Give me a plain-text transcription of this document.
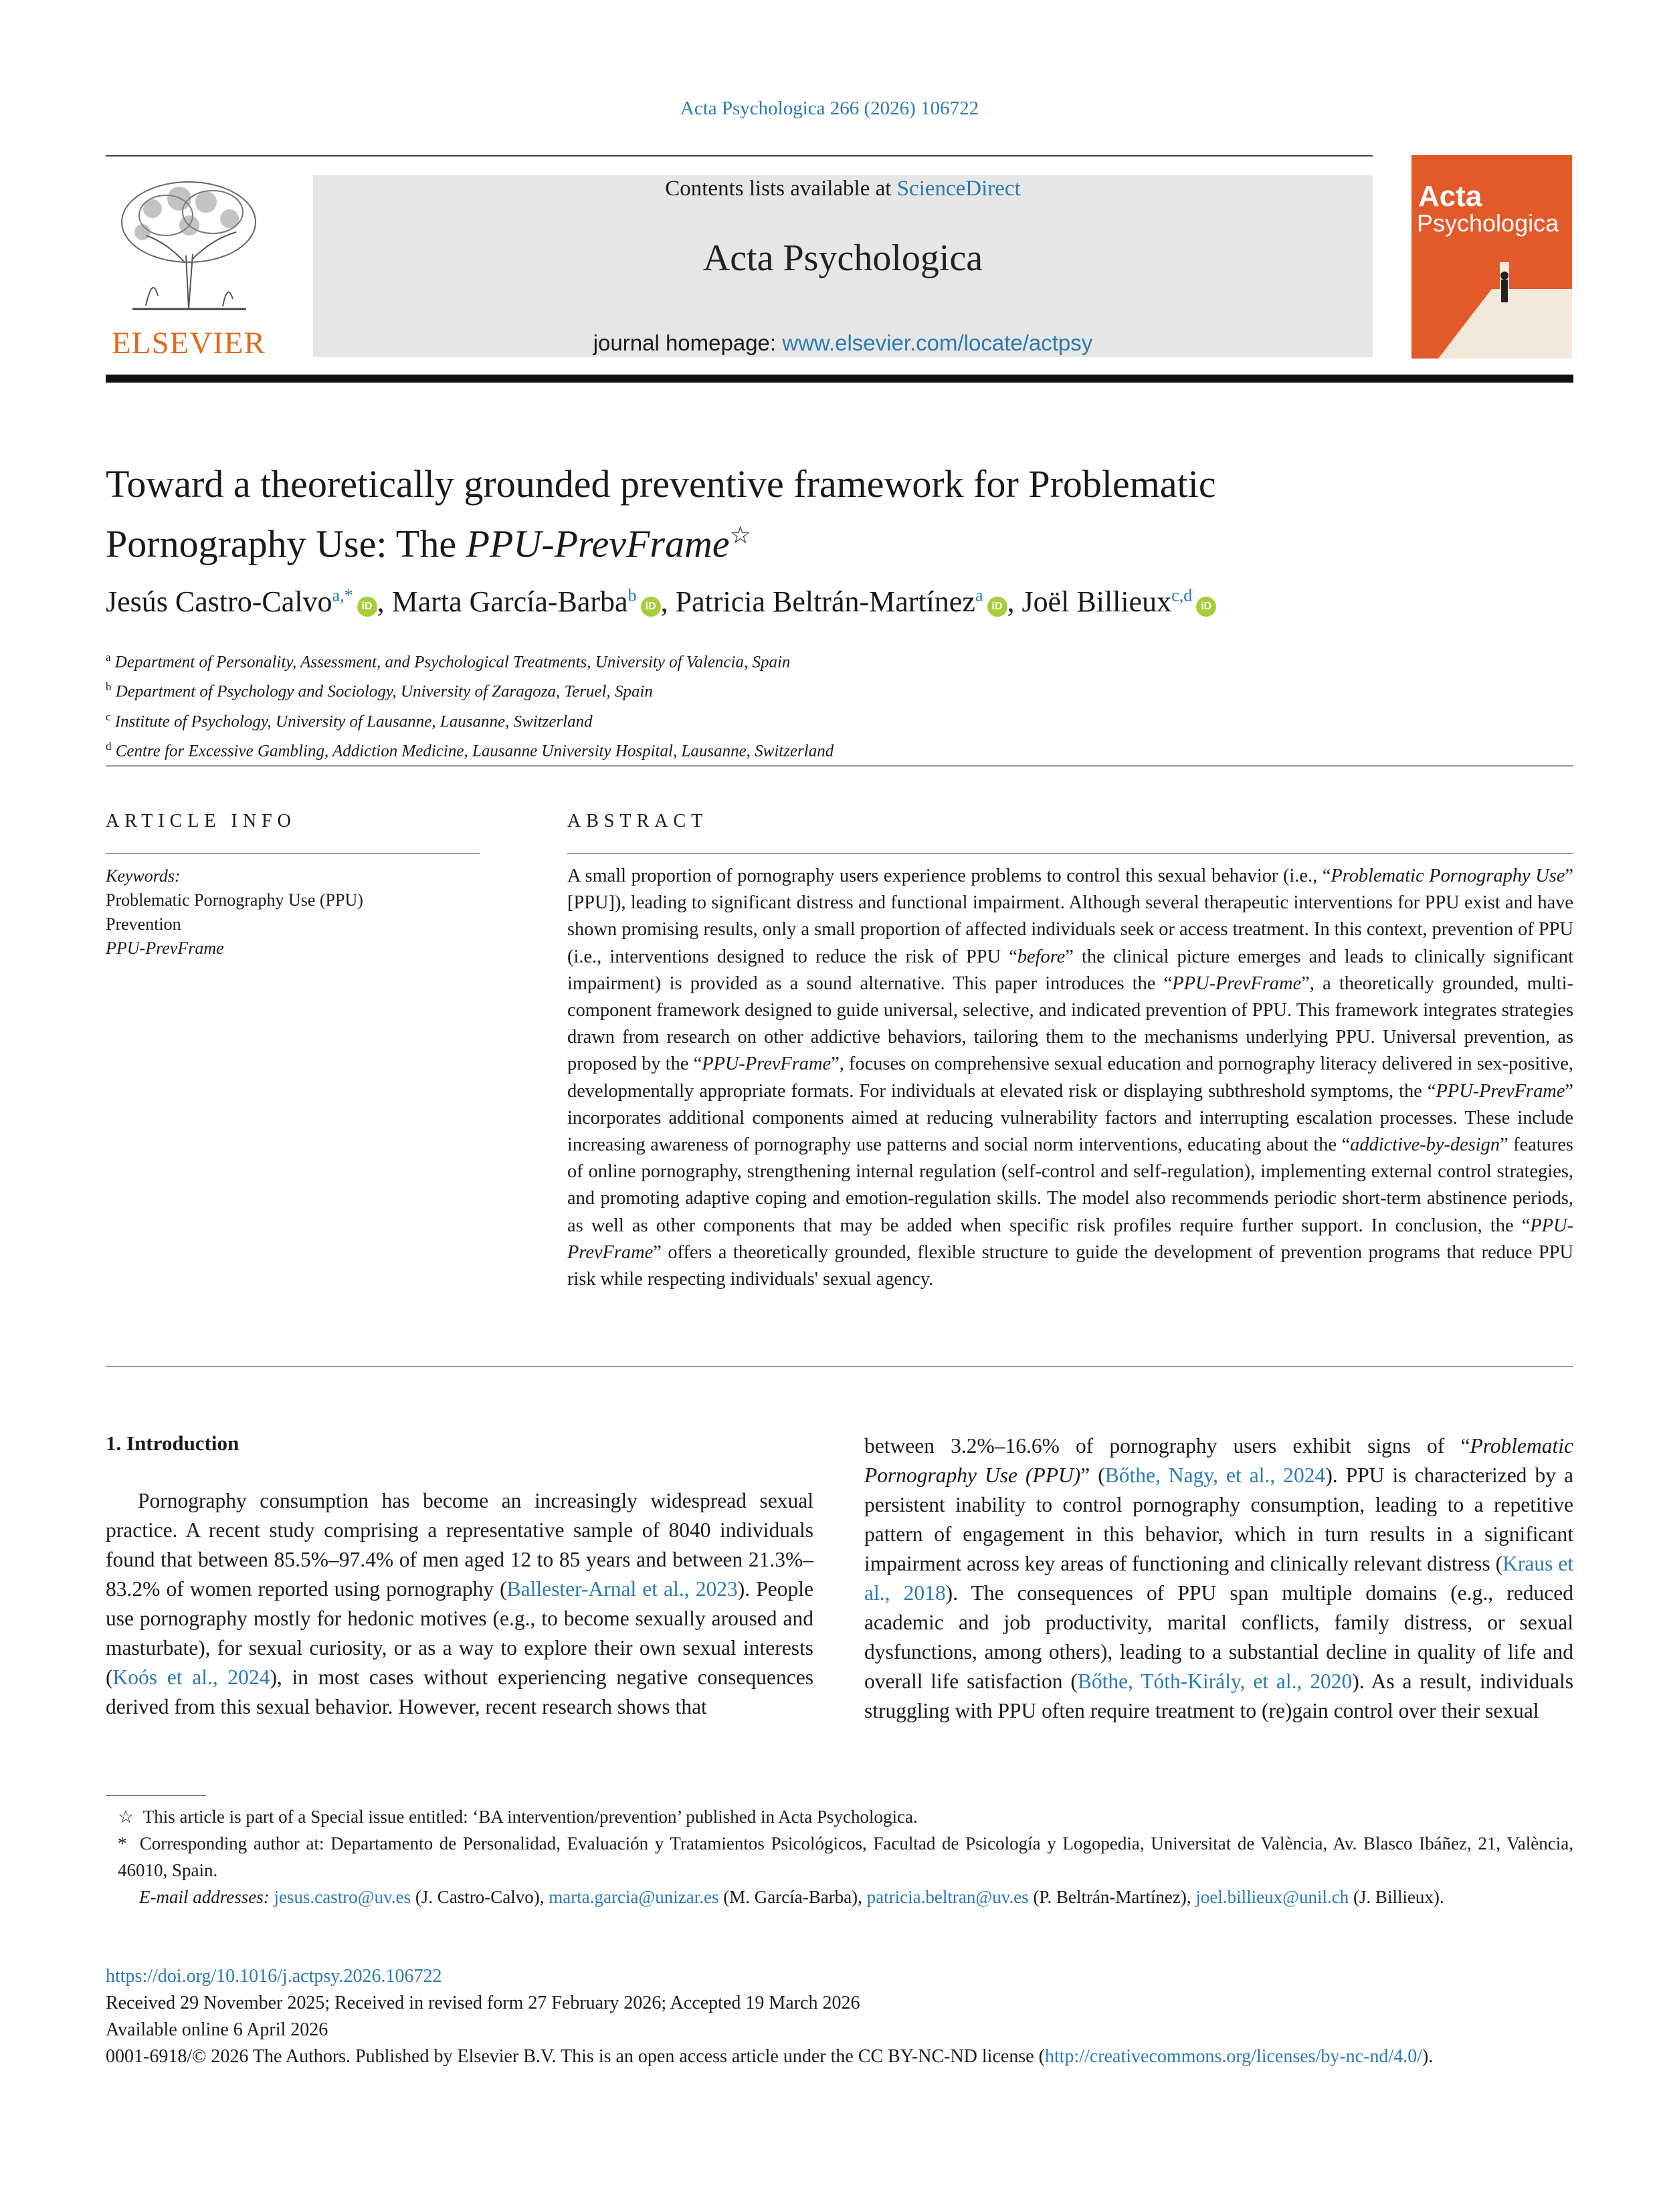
Acta Psychologica 266 (2026) 106722
ELSEVIER
Contents lists available at ScienceDirect
Acta Psychologica
journal homepage: www.elsevier.com/locate/actpsy
Acta
Psychologica
Toward a theoretically grounded preventive framework for Problematic
Pornography Use: The PPU-PrevFrame☆
Jesús Castro-Calvo$^{a,*}$iD , Marta García-Barba$^b$iD , Patricia Beltrán-Martínez$^a$iD , Joël Billieux$^{c,d}$iD
$^a$ Department of Personality, Assessment, and Psychological Treatments, University of Valencia, Spain
$^b$ Department of Psychology and Sociology, University of Zaragoza, Teruel, Spain
$^c$ Institute of Psychology, University of Lausanne, Lausanne, Switzerland
$^d$ Centre for Excessive Gambling, Addiction Medicine, Lausanne University Hospital, Lausanne, Switzerland
ARTICLE INFO
Keywords:
Problematic Pornography Use (PPU)
Prevention
PPU-PrevFrame
ABSTRACT
A small proportion of pornography users experience problems to control this sexual behavior (i.e., “Problematic Pornography Use” [PPU]), leading to significant distress and functional impairment. Although several therapeutic interventions for PPU exist and have shown promising results, only a small proportion of affected individuals seek or access treatment. In this context, prevention of PPU (i.e., interventions designed to reduce the risk of PPU “before” the clinical picture emerges and leads to clinically significant impairment) is provided as a sound alternative. This paper introduces the “PPU-PrevFrame”, a theoretically grounded, multi-component framework designed to guide universal, selective, and indicated prevention of PPU. This framework integrates strategies drawn from research on other addictive behaviors, tailoring them to the mechanisms underlying PPU. Universal prevention, as proposed by the “PPU-PrevFrame”, focuses on comprehensive sexual education and pornography literacy delivered in sex-positive, developmentally appropriate formats. For individuals at elevated risk or displaying subthreshold symptoms, the “PPU-PrevFrame” incorporates additional components aimed at reducing vulnerability factors and interrupting escalation processes. These include increasing awareness of pornography use patterns and social norm interventions, educating about the “addictive-by-design” features of online pornography, strengthening internal regulation (self-control and self-regulation), implementing external control strategies, and promoting adaptive coping and emotion-regulation skills. The model also recommends periodic short-term abstinence periods, as well as other components that may be added when specific risk profiles require further support. In conclusion, the “PPU-PrevFrame” offers a theoretically grounded, flexible structure to guide the development of prevention programs that reduce PPU risk while respecting individuals' sexual agency.
1. Introduction
Pornography consumption has become an increasingly widespread sexual practice. A recent study comprising a representative sample of 8040 individuals found that between 85.5%–97.4% of men aged 12 to 85 years and between 21.3%–83.2% of women reported using pornography (Ballester-Arnal et al., 2023). People use pornography mostly for hedonic motives (e.g., to become sexually aroused and masturbate), for sexual curiosity, or as a way to explore their own sexual interests (Koós et al., 2024), in most cases without experiencing negative consequences derived from this sexual behavior. However, recent research shows that
between 3.2%–16.6% of pornography users exhibit signs of “Problematic Pornography Use (PPU)” (Bőthe, Nagy, et al., 2024). PPU is characterized by a persistent inability to control pornography consumption, leading to a repetitive pattern of engagement in this behavior, which in turn results in a significant impairment across key areas of functioning and clinically relevant distress (Kraus et al., 2018). The consequences of PPU span multiple domains (e.g., reduced academic and job productivity, marital conflicts, family distress, or sexual dysfunctions, among others), leading to a substantial decline in quality of life and overall life satisfaction (Bőthe, Tóth-Király, et al., 2020). As a result, individuals struggling with PPU often require treatment to (re)gain control over their sexual
☆ This article is part of a Special issue entitled: ‘BA intervention/prevention’ published in Acta Psychologica.
* Corresponding author at: Departamento de Personalidad, Evaluación y Tratamientos Psicológicos, Facultad de Psicología y Logopedia, Universitat de València, Av. Blasco Ibáñez, 21, València, 46010, Spain.
E-mail addresses: jesus.castro@uv.es (J. Castro-Calvo), marta.garcia@unizar.es (M. García-Barba), patricia.beltran@uv.es (P. Beltrán-Martínez), joel.billieux@unil.ch (J. Billieux).
https://doi.org/10.1016/j.actpsy.2026.106722
Received 29 November 2025; Received in revised form 27 February 2026; Accepted 19 March 2026
Available online 6 April 2026
0001-6918/© 2026 The Authors. Published by Elsevier B.V. This is an open access article under the CC BY-NC-ND license (http://creativecommons.org/licenses/by-nc-nd/4.0/).
